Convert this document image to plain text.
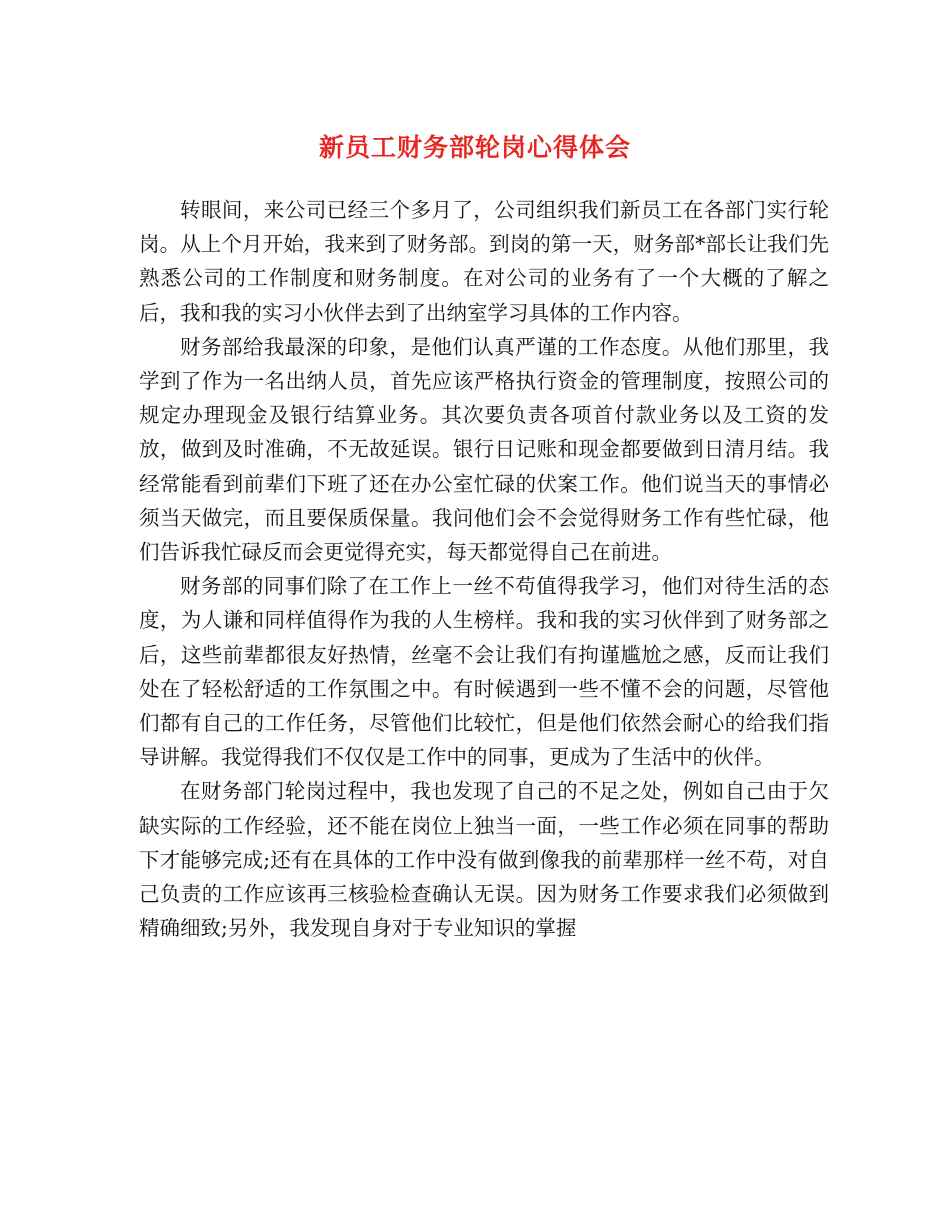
新员工财务部轮岗心得体会

转眼间，来公司已经三个多月了，公司组织我们新员工在各部门实行轮岗。从上个月开始，我来到了财务部。到岗的第一天，财务部*部长让我们先熟悉公司的工作制度和财务制度。在对公司的业务有了一个大概的了解之后，我和我的实习小伙伴去到了出纳室学习具体的工作内容。

财务部给我最深的印象，是他们认真严谨的工作态度。从他们那里，我学到了作为一名出纳人员，首先应该严格执行资金的管理制度，按照公司的规定办理现金及银行结算业务。其次要负责各项首付款业务以及工资的发放，做到及时准确，不无故延误。银行日记账和现金都要做到日清月结。我经常能看到前辈们下班了还在办公室忙碌的伏案工作。他们说当天的事情必须当天做完，而且要保质保量。我问他们会不会觉得财务工作有些忙碌，他们告诉我忙碌反而会更觉得充实，每天都觉得自己在前进。

财务部的同事们除了在工作上一丝不苟值得我学习，他们对待生活的态度，为人谦和同样值得作为我的人生榜样。我和我的实习伙伴到了财务部之后，这些前辈都很友好热情，丝毫不会让我们有拘谨尴尬之感，反而让我们处在了轻松舒适的工作氛围之中。有时候遇到一些不懂不会的问题，尽管他们都有自己的工作任务，尽管他们比较忙，但是他们依然会耐心的给我们指导讲解。我觉得我们不仅仅是工作中的同事，更成为了生活中的伙伴。

在财务部门轮岗过程中，我也发现了自己的不足之处，例如自己由于欠缺实际的工作经验，还不能在岗位上独当一面，一些工作必须在同事的帮助下才能够完成;还有在具体的工作中没有做到像我的前辈那样一丝不苟，对自己负责的工作应该再三核验检查确认无误。因为财务工作要求我们必须做到精确细致;另外，我发现自身对于专业知识的掌握
